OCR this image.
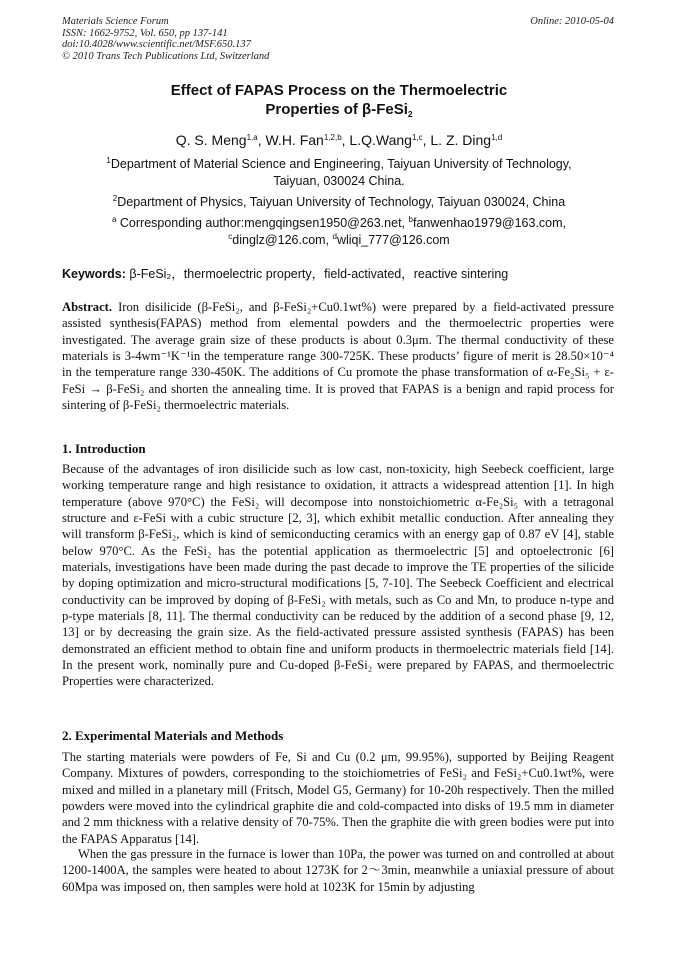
Materials Science Forum
ISSN: 1662-9752, Vol. 650, pp 137-141
doi:10.4028/www.scientific.net/MSF.650.137
© 2010 Trans Tech Publications Ltd, Switzerland
Online: 2010-05-04
Effect of FAPAS Process on the Thermoelectric
Properties of β-FeSi$_2$
Q. S. Meng$^{1,a}$, W.H. Fan$^{1,2,b}$, L.Q.Wang$^{1,c}$, L. Z. Ding$^{1,d}$
$^1$Department of Material Science and Engineering, Taiyuan University of Technology,
Taiyuan, 030024 China.
$^2$Department of Physics, Taiyuan University of Technology, Taiyuan 030024, China
$^a$ Corresponding author:mengqingsen1950@263.net, $^b$fanwenhao1979@163.com,
$^c$dinglz@126.com, $^d$wliqi_777@126.com
Keywords: β-FeSi₂，thermoelectric property，field-activated，reactive sintering

Abstract. Iron disilicide (β-FeSi₂, and β-FeSi₂+Cu0.1wt%) were prepared by a field-activated pressure assisted synthesis(FAPAS) method from elemental powders and the thermoelectric properties were investigated. The average grain size of these products is about 0.3μm. The thermal conductivity of these materials is 3-4wm⁻¹K⁻¹in the temperature range 300-725K. These products’ figure of merit is 28.50×10⁻⁴ in the temperature range 330-450K. The additions of Cu promote the phase transformation of α-Fe₂Si₅ + ε-FeSi → β-FeSi₂ and shorten the annealing time. It is proved that FAPAS is a benign and rapid process for sintering of β-FeSi₂ thermoelectric materials.

1. Introduction

Because of the advantages of iron disilicide such as low cast, non-toxicity, high Seebeck coefficient, large working temperature range and high resistance to oxidation, it attracts a widespread attention [1]. In high temperature (above 970°C) the FeSi₂ will decompose into nonstoichiometric α-Fe₂Si₅ with a tetragonal structure and ε-FeSi with a cubic structure [2, 3], which exhibit metallic conduction. After annealing they will transform β-FeSi₂, which is kind of semiconducting ceramics with an energy gap of 0.87 eV [4], stable below 970°C. As the FeSi₂ has the potential application as thermoelectric [5] and optoelectronic [6] materials, investigations have been made during the past decade to improve the TE properties of the silicide by doping optimization and micro-structural modifications [5, 7-10]. The Seebeck Coefficient and electrical conductivity can be improved by doping of β-FeSi₂ with metals, such as Co and Mn, to produce n-type and p-type materials [8, 11]. The thermal conductivity can be reduced by the addition of a second phase [9, 12, 13] or by decreasing the grain size. As the field-activated pressure assisted synthesis (FAPAS) has been demonstrated an efficient method to obtain fine and uniform products in thermoelectric materials field [14]. In the present work, nominally pure and Cu-doped β-FeSi₂ were prepared by FAPAS, and thermoelectric Properties were characterized.

2. Experimental Materials and Methods

The starting materials were powders of Fe, Si and Cu (0.2 μm, 99.95%), supported by Beijing Reagent Company. Mixtures of powders, corresponding to the stoichiometries of FeSi₂ and FeSi₂+Cu0.1wt%, were mixed and milled in a planetary mill (Fritsch, Model G5, Germany) for 10-20h respectively. Then the milled powders were moved into the cylindrical graphite die and cold-compacted into disks of 19.5 mm in diameter and 2 mm thickness with a relative density of 70-75%. Then the graphite die with green bodies were put into the FAPAS Apparatus [14].

When the gas pressure in the furnace is lower than 10Pa, the power was turned on and controlled at about 1200-1400A, the samples were heated to about 1273K for 2～3min, meanwhile a uniaxial pressure of about 60Mpa was imposed on, then samples were hold at 1023K for 15min by adjusting
